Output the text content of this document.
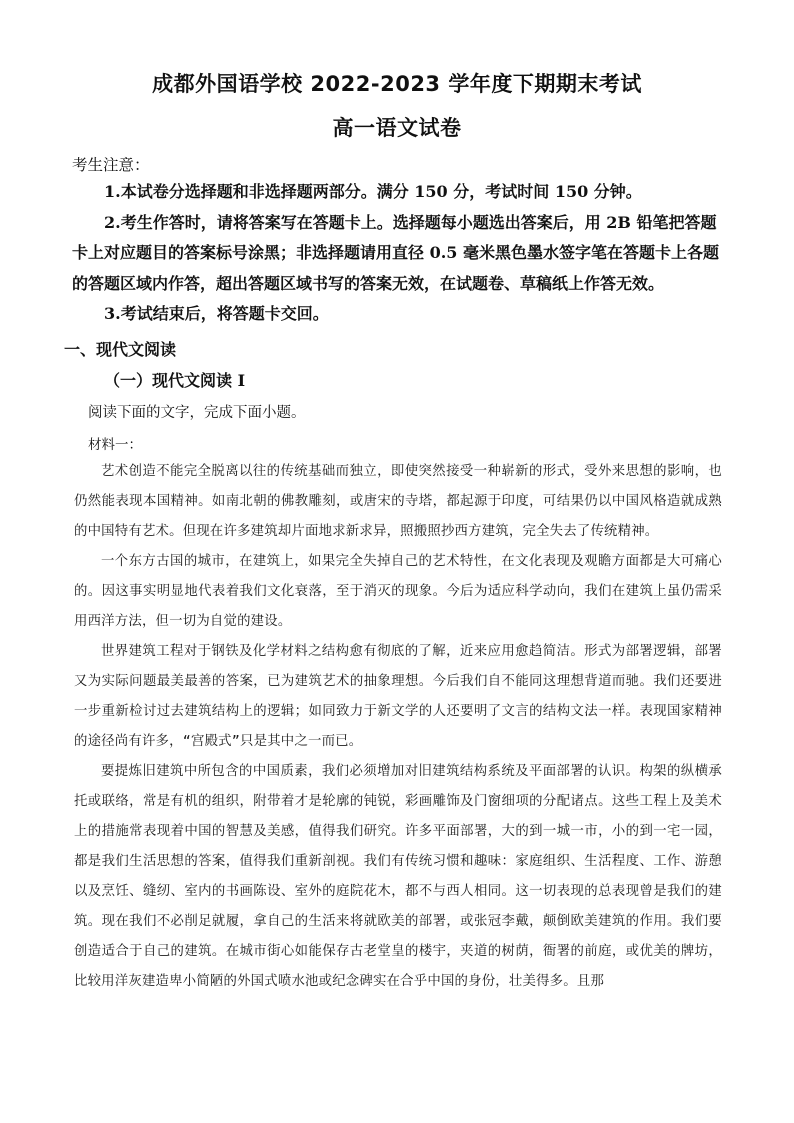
成都外国语学校 2022-2023 学年度下期期末考试
高一语文试卷
考生注意：

1.本试卷分选择题和非选择题两部分。满分 150 分，考试时间 150 分钟。

2.考生作答时，请将答案写在答题卡上。选择题每小题选出答案后，用 2B 铅笔把答题卡上对应题目的答案标号涂黑；非选择题请用直径 0.5 毫米黑色墨水签字笔在答题卡上各题的答题区域内作答，超出答题区域书写的答案无效，在试题卷、草稿纸上作答无效。

3.考试结束后，将答题卡交回。

一、现代文阅读
（一）现代文阅读 I
阅读下面的文字，完成下面小题。
材料一：

艺术创造不能完全脱离以往的传统基础而独立，即使突然接受一种崭新的形式，受外来思想的影响，也仍然能表现本国精神。如南北朝的佛教雕刻，或唐宋的寺塔，都起源于印度，可结果仍以中国风格造就成熟的中国特有艺术。但现在许多建筑却片面地求新求异，照搬照抄西方建筑，完全失去了传统精神。

一个东方古国的城市，在建筑上，如果完全失掉自己的艺术特性，在文化表现及观瞻方面都是大可痛心的。因这事实明显地代表着我们文化衰落，至于消灭的现象。今后为适应科学动向，我们在建筑上虽仍需采用西洋方法，但一切为自觉的建设。

世界建筑工程对于钢铁及化学材料之结构愈有彻底的了解，近来应用愈趋简洁。形式为部署逻辑，部署又为实际问题最美最善的答案，已为建筑艺术的抽象理想。今后我们自不能同这理想背道而驰。我们还要进一步重新检讨过去建筑结构上的逻辑；如同致力于新文学的人还要明了文言的结构文法一样。表现国家精神的途径尚有许多，“宫殿式”只是其中之一而已。

要提炼旧建筑中所包含的中国质素，我们必须增加对旧建筑结构系统及平面部署的认识。构架的纵横承托或联络，常是有机的组织，附带着才是轮廓的钝锐，彩画雕饰及门窗细项的分配诸点。这些工程上及美术上的措施常表现着中国的智慧及美感，值得我们研究。许多平面部署，大的到一城一市，小的到一宅一园，都是我们生活思想的答案，值得我们重新剖视。我们有传统习惯和趣味：家庭组织、生活程度、工作、游憩以及烹饪、缝纫、室内的书画陈设、室外的庭院花木，都不与西人相同。这一切表现的总表现曾是我们的建筑。现在我们不必削足就履，拿自己的生活来将就欧美的部署，或张冠李戴，颠倒欧美建筑的作用。我们要创造适合于自己的建筑。在城市街心如能保存古老堂皇的楼宇，夹道的树荫，衙署的前庭，或优美的牌坊，比较用洋灰建造卑小简陋的外国式喷水池或纪念碑实在合乎中国的身份，壮美得多。且那
